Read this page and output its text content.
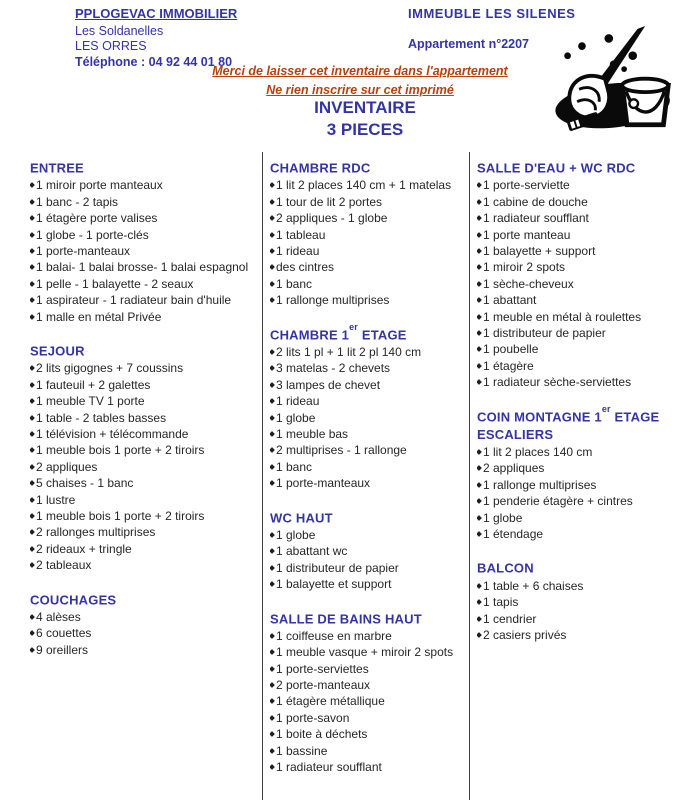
PPLOGEVAC IMMOBILIER
Les Soldanelles
LES ORRES
Téléphone : 04 92 44 01 80
IMMEUBLE LES SILENES
Appartement n°2207
Merci de laisser cet inventaire dans l'appartement
Ne rien inscrire sur cet imprimé
INVENTAIRE
3 PIECES
ENTREE
1 miroir porte manteaux
1 banc - 2 tapis
1 étagère porte valises
1 globe - 1 porte-clés
1 porte-manteaux
1 balai- 1 balai brosse- 1 balai espagnol
1 pelle - 1 balayette - 2 seaux
1 aspirateur - 1 radiateur bain d'huile
1 malle en métal Privée
SEJOUR
2 lits gigognes + 7 coussins
1 fauteuil + 2 galettes
1 meuble TV 1 porte
1 table - 2 tables basses
1 télévision + télécommande
1 meuble bois 1 porte + 2 tiroirs
2 appliques
5 chaises - 1 banc
1 lustre
1 meuble bois 1 porte + 2 tiroirs
2 rallonges multiprises
2 rideaux + tringle
2 tableaux
COUCHAGES
4 alèses
6 couettes
9 oreillers
CHAMBRE RDC
1 lit 2 places 140 cm + 1 matelas
1 tour de lit 2 portes
2 appliques - 1 globe
1 tableau
1 rideau
des cintres
1 banc
1 rallonge multiprises
CHAMBRE 1er ETAGE
2 lits 1 pl + 1 lit 2 pl 140 cm
3 matelas - 2 chevets
3 lampes de chevet
1 rideau
1 globe
1 meuble bas
2 multiprises - 1 rallonge
1 banc
1 porte-manteaux
WC HAUT
1 globe
1 abattant wc
1 distributeur de papier
1 balayette et support
SALLE DE BAINS HAUT
1 coiffeuse en marbre
1 meuble vasque + miroir 2 spots
1 porte-serviettes
2 porte-manteaux
1 étagère métallique
1 porte-savon
1 boite à déchets
1 bassine
1 radiateur soufflant
SALLE D'EAU + WC RDC
1 porte-serviette
1 cabine de douche
1 radiateur soufflant
1 porte manteau
1 balayette + support
1 miroir 2 spots
1 sèche-cheveux
1 abattant
1 meuble en métal à roulettes
1 distributeur de papier
1 poubelle
1 étagère
1 radiateur sèche-serviettes
COIN MONTAGNE 1er ETAGE
ESCALIERS
1 lit 2 places 140 cm
2 appliques
1 rallonge multiprises
1 penderie étagère + cintres
1 globe
1 étendage
BALCON
1 table + 6 chaises
1 tapis
1 cendrier
2 casiers privés
